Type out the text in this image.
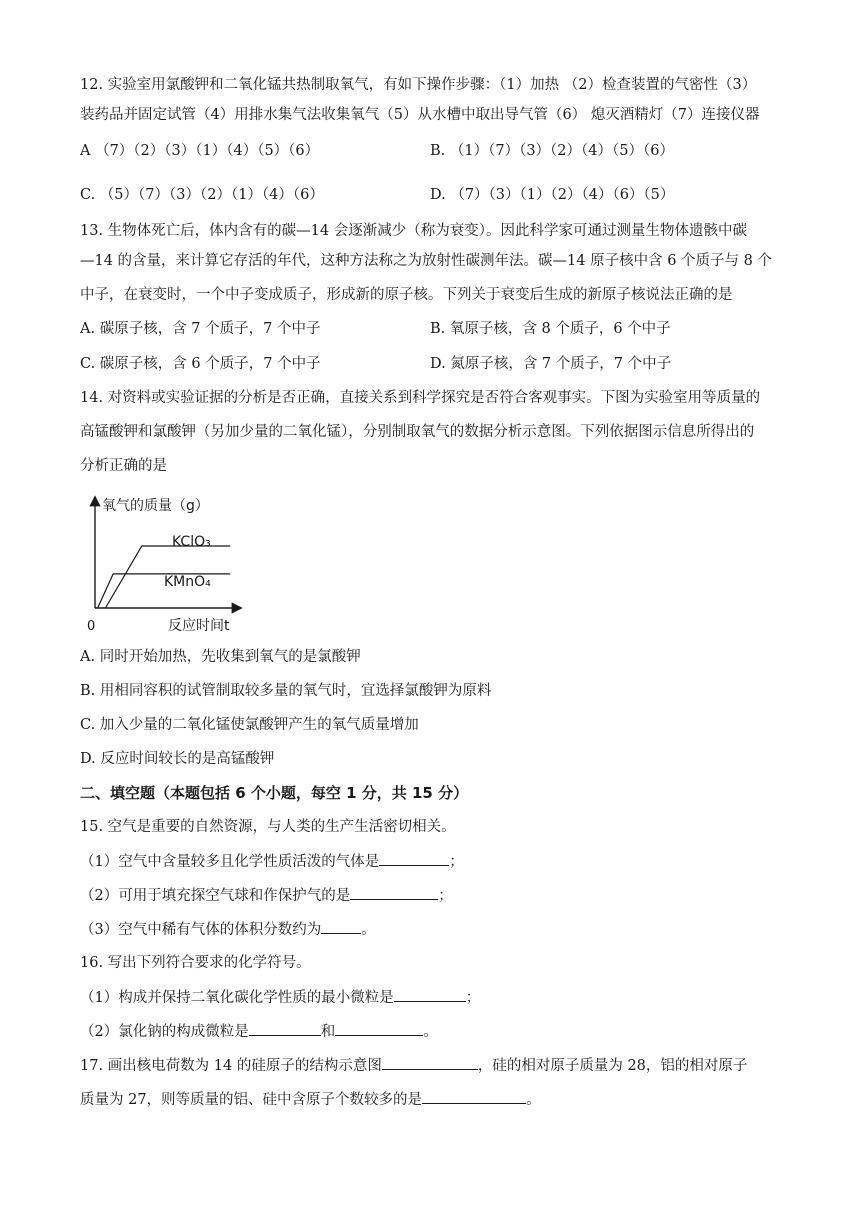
12. 实验室用氯酸钾和二氧化锰共热制取氧气，有如下操作步骤：（1）加热 （2）检查装置的气密性（3）
装药品并固定试管（4）用排水集气法收集氧气（5）从水槽中取出导气管（6） 熄灭酒精灯（7）连接仪器
A （7）（2）（3）（1）（4）（5）（6）	B. （1）（7）（3）（2）（4）（5）（6）
C. （5）（7）（3）（2）（1）（4）（6）	D. （7）（3）（1）（2）（4）（6）（5）
13. 生物体死亡后，体内含有的碳—14 会逐渐减少（称为衰变）。因此科学家可通过测量生物体遗骸中碳
—14 的含量，来计算它存活的年代，这种方法称之为放射性碳测年法。碳—14 原子核中含 6 个质子与 8 个
中子，在衰变时，一个中子变成质子，形成新的原子核。下列关于衰变后生成的新原子核说法正确的是
A. 碳原子核，含 7 个质子，7 个中子	B. 氧原子核，含 8 个质子，6 个中子
C. 碳原子核，含 6 个质子，7 个中子	D. 氮原子核，含 7 个质子，7 个中子
14. 对资料或实验证据的分析是否正确，直接关系到科学探究是否符合客观事实。下图为实验室用等质量的
高锰酸钾和氯酸钾（另加少量的二氧化锰），分别制取氧气的数据分析示意图。下列依据图示信息所得出的
分析正确的是
氧气的质量（g）
反应时间t
0
KClO₃
KMnO₄
A. 同时开始加热，先收集到氧气的是氯酸钾
B. 用相同容积的试管制取较多量的氧气时，宜选择氯酸钾为原料
C. 加入少量的二氧化锰使氯酸钾产生的氧气质量增加
D. 反应时间较长的是高锰酸钾
二、填空题（本题包括 6 个小题，每空 1 分，共 15 分）
15. 空气是重要的自然资源，与人类的生产生活密切相关。
（1）空气中含量较多且化学性质活泼的气体是	；
（2）可用于填充探空气球和作保护气的是	；
（3）空气中稀有气体的体积分数约为	。
16. 写出下列符合要求的化学符号。
（1）构成并保持二氧化碳化学性质的最小微粒是	；
（2）氯化钠的构成微粒是	和	。
17. 画出核电荷数为 14 的硅原子的结构示意图	，硅的相对原子质量为 28，铝的相对原子
质量为 27，则等质量的铝、硅中含原子个数较多的是	。
